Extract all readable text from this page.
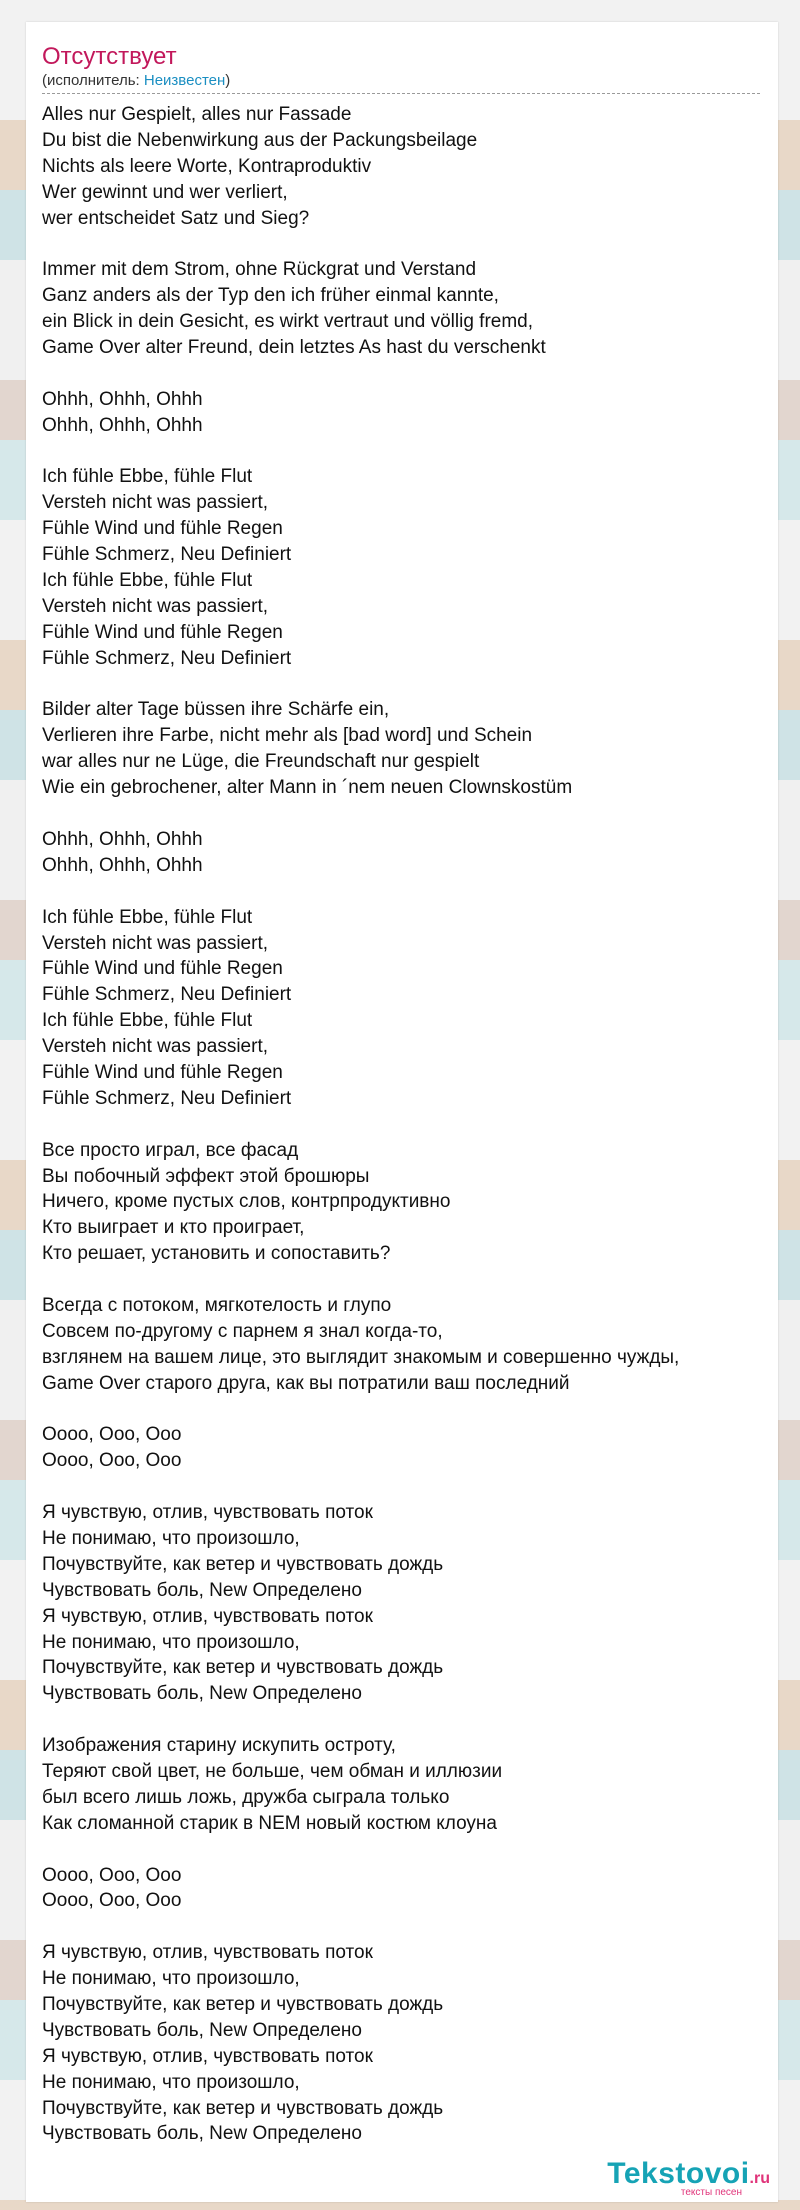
Отсутствует
(исполнитель: Неизвестен)
Alles nur Gespielt, alles nur Fassade
Du bist die Nebenwirkung aus der Packungsbeilage
Nichts als leere Worte, Kontraproduktiv
Wer gewinnt und wer verliert,
wer entscheidet Satz und Sieg?
Immer mit dem Strom, ohne Rückgrat und Verstand
Ganz anders als der Typ den ich früher einmal kannte,
ein Blick in dein Gesicht, es wirkt vertraut und völlig fremd,
Game Over alter Freund, dein letztes As hast du verschenkt
Ohhh, Ohhh, Ohhh
Ohhh, Ohhh, Ohhh
Ich fühle Ebbe, fühle Flut
Versteh nicht was passiert,
Fühle Wind und fühle Regen
Fühle Schmerz, Neu Definiert
Ich fühle Ebbe, fühle Flut
Versteh nicht was passiert,
Fühle Wind und fühle Regen
Fühle Schmerz, Neu Definiert
Bilder alter Tage büssen ihre Schärfe ein,
Verlieren ihre Farbe, nicht mehr als [bad word] und Schein
war alles nur ne Lüge, die Freundschaft nur gespielt
Wie ein gebrochener, alter Mann in ´nem neuen Clownskostüm
Ohhh, Ohhh, Ohhh
Ohhh, Ohhh, Ohhh
Ich fühle Ebbe, fühle Flut
Versteh nicht was passiert,
Fühle Wind und fühle Regen
Fühle Schmerz, Neu Definiert
Ich fühle Ebbe, fühle Flut
Versteh nicht was passiert,
Fühle Wind und fühle Regen
Fühle Schmerz, Neu Definiert
Все просто играл, все фасад
Вы побочный эффект этой брошюры
Ничего, кроме пустых слов, контрпродуктивно
Кто выиграет и кто проиграет,
Кто решает, установить и сопоставить?
Всегда с потоком, мягкотелость и глупо
Совсем по-другому с парнем я знал когда-то,
взглянем на вашем лице, это выглядит знакомым и совершенно чужды,
Game Over старого друга, как вы потратили ваш последний
Оооо, Ооо, Ооо
Оооо, Ооо, Ооо
Я чувствую, отлив, чувствовать поток
Не понимаю, что произошло,
Почувствуйте, как ветер и чувствовать дождь
Чувствовать боль, New Определено
Я чувствую, отлив, чувствовать поток
Не понимаю, что произошло,
Почувствуйте, как ветер и чувствовать дождь
Чувствовать боль, New Определено
Изображения старину искупить остроту,
Теряют свой цвет, не больше, чем обман и иллюзии
был всего лишь ложь, дружба сыграла только
Как сломанной старик в NEM новый костюм клоуна
Оооо, Ооо, Ооо
Оооо, Ооо, Ооо
Я чувствую, отлив, чувствовать поток
Не понимаю, что произошло,
Почувствуйте, как ветер и чувствовать дождь
Чувствовать боль, New Определено
Я чувствую, отлив, чувствовать поток
Не понимаю, что произошло,
Почувствуйте, как ветер и чувствовать дождь
Чувствовать боль, New Определено
Tekstovoi.ru
тексты песен
